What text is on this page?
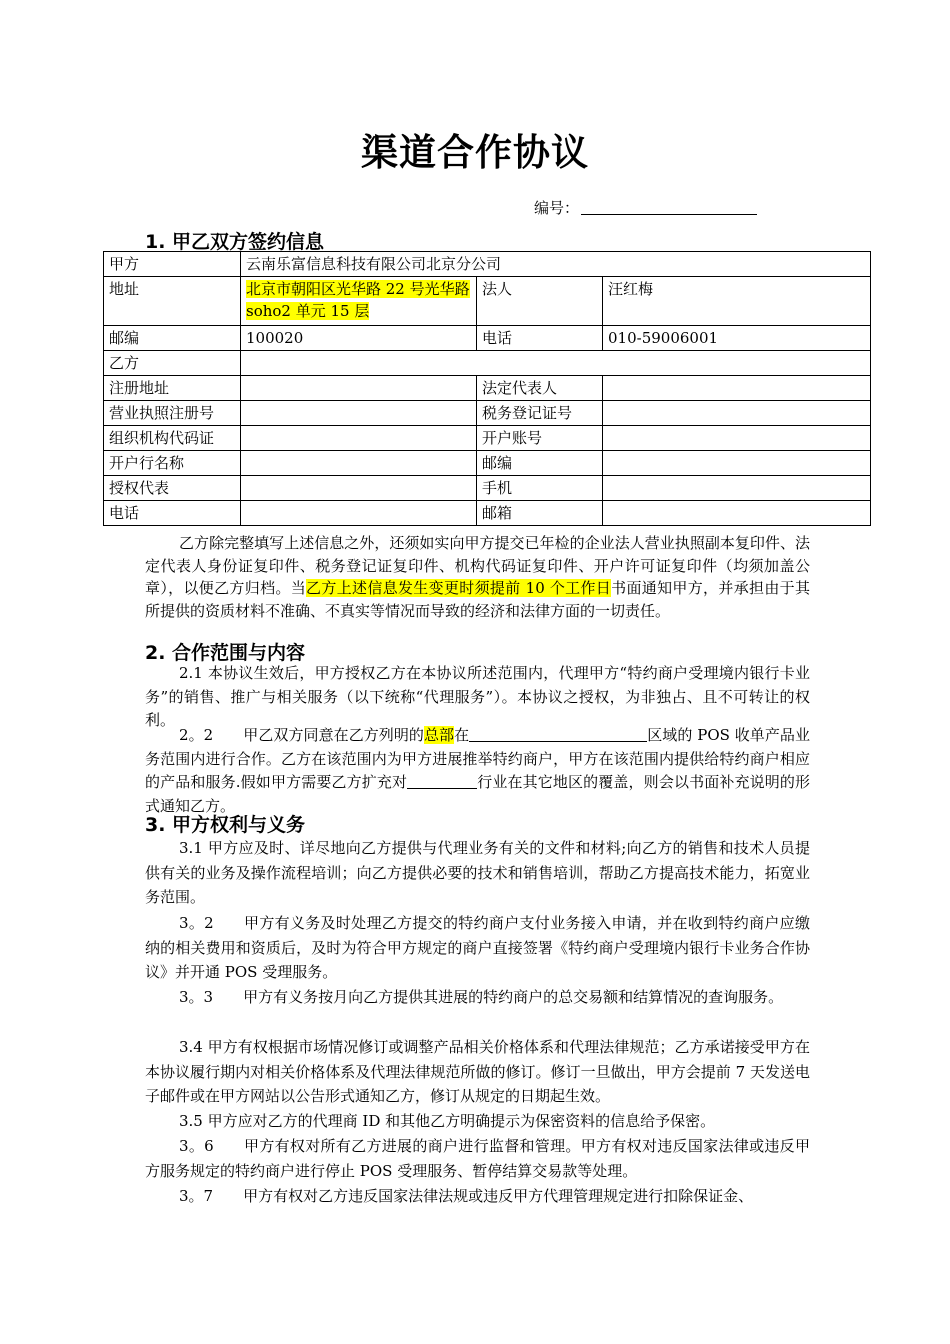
渠道合作协议
编号：
1. 甲乙双方签约信息
甲方	云南乐富信息科技有限公司北京分公司		
地址	北京市朝阳区光华路 22 号光华路 soho2 单元 15 层	法人	汪红梅
邮编	100020	电话	010-59006001
乙方			
注册地址		法定代表人	
营业执照注册号		税务登记证号	
组织机构代码证		开户账号	
开户行名称		邮编	
授权代表		手机	
电话		邮箱	

乙方除完整填写上述信息之外，还须如实向甲方提交已年检的企业法人营业执照副本复印件、法定代表人身份证复印件、税务登记证复印件、机构代码证复印件、开户许可证复印件（均须加盖公章），以便乙方归档。当乙方上述信息发生变更时须提前 10 个工作日书面通知甲方，并承担由于其所提供的资质材料不准确、不真实等情况而导致的经济和法律方面的一切责任。

2. 合作范围与内容

2.1 本协议生效后，甲方授权乙方在本协议所述范围内，代理甲方“特约商户受理境内银行卡业务”的销售、推广与相关服务（以下统称“代理服务”）。本协议之授权，为非独占、且不可转让的权利。

2。2 甲乙双方同意在乙方列明的总部在	区域的 POS 收单产品业务范围内进行合作。乙方在该范围内为甲方进展推举特约商户，甲方在该范围内提供给特约商户相应的产品和服务.假如甲方需要乙方扩充对	行业在其它地区的覆盖，则会以书面补充说明的形式通知乙方。

3. 甲方权利与义务

3.1 甲方应及时、详尽地向乙方提供与代理业务有关的文件和材料;向乙方的销售和技术人员提供有关的业务及操作流程培训；向乙方提供必要的技术和销售培训，帮助乙方提高技术能力，拓宽业务范围。

3。2 甲方有义务及时处理乙方提交的特约商户支付业务接入申请，并在收到特约商户应缴纳的相关费用和资质后，及时为符合甲方规定的商户直接签署《特约商户受理境内银行卡业务合作协议》并开通 POS 受理服务。

3。3 甲方有义务按月向乙方提供其进展的特约商户的总交易额和结算情况的查询服务。

3.4 甲方有权根据市场情况修订或调整产品相关价格体系和代理法律规范；乙方承诺接受甲方在本协议履行期内对相关价格体系及代理法律规范所做的修订。修订一旦做出，甲方会提前 7 天发送电子邮件或在甲方网站以公告形式通知乙方，修订从规定的日期起生效。

3.5 甲方应对乙方的代理商 ID 和其他乙方明确提示为保密资料的信息给予保密。

3。6 甲方有权对所有乙方进展的商户进行监督和管理。甲方有权对违反国家法律或违反甲方服务规定的特约商户进行停止 POS 受理服务、暂停结算交易款等处理。

3。7 甲方有权对乙方违反国家法律法规或违反甲方代理管理规定进行扣除保证金、
